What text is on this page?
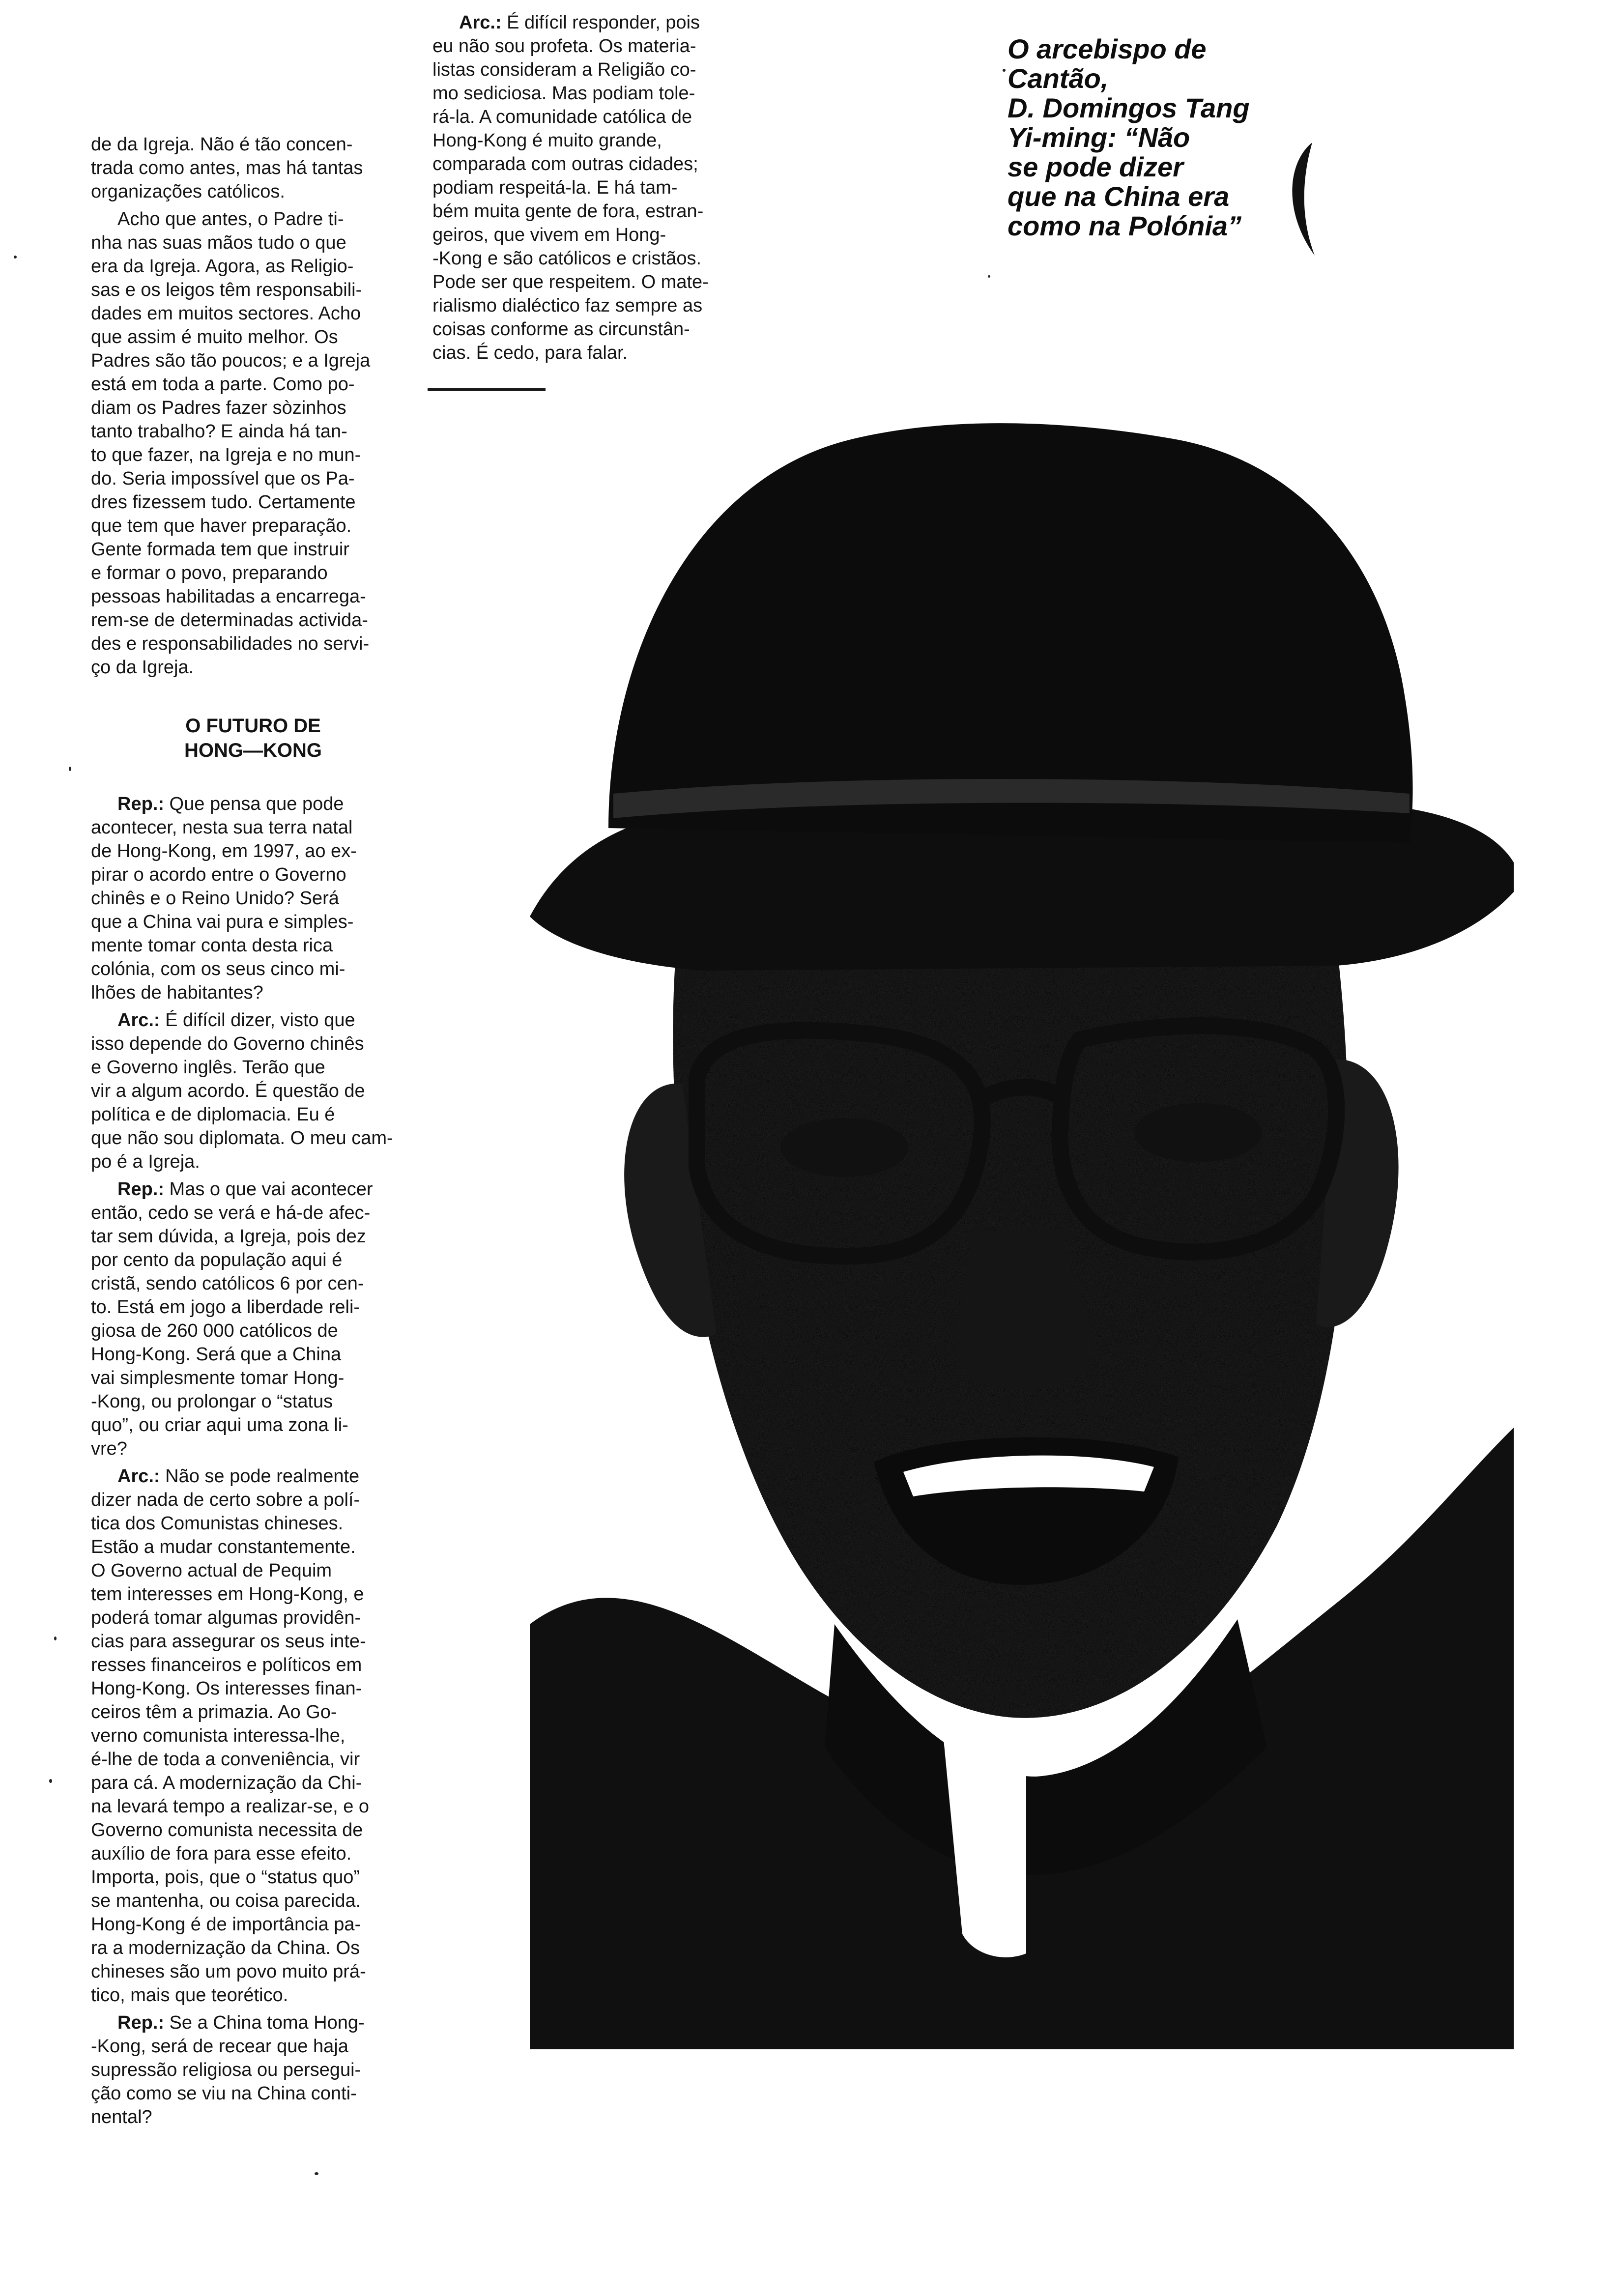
O arcebispo de
Cantão,
D. Domingos Tang
Yi-ming: “Não
se pode dizer
que na China era
como na Polónia”

Arc.: É difícil responder, pois
eu não sou profeta. Os materia-
listas consideram a Religião co-
mo sediciosa. Mas podiam tole-
rá-la. A comunidade católica de
Hong-Kong é muito grande,
comparada com outras cidades;
podiam respeitá-la. E há tam-
bém muita gente de fora, estran-
geiros, que vivem em Hong-
-Kong e são católicos e cristãos.
Pode ser que respeitem. O mate-
rialismo dialéctico faz sempre as
coisas conforme as circunstân-
cias. É cedo, para falar.

de da Igreja. Não é tão concen-
trada como antes, mas há tantas
organizações católicos.

Acho que antes, o Padre ti-
nha nas suas mãos tudo o que
era da Igreja. Agora, as Religio-
sas e os leigos têm responsabili-
dades em muitos sectores. Acho
que assim é muito melhor. Os
Padres são tão poucos; e a Igreja
está em toda a parte. Como po-
diam os Padres fazer sòzinhos
tanto trabalho? E ainda há tan-
to que fazer, na Igreja e no mun-
do. Seria impossível que os Pa-
dres fizessem tudo. Certamente
que tem que haver preparação.
Gente formada tem que instruir
e formar o povo, preparando
pessoas habilitadas a encarrega-
rem-se de determinadas activida-
des e responsabilidades no servi-
ço da Igreja.

O FUTURO DE
HONG—KONG

Rep.: Que pensa que pode
acontecer, nesta sua terra natal
de Hong-Kong, em 1997, ao ex-
pirar o acordo entre o Governo
chinês e o Reino Unido? Será
que a China vai pura e simples-
mente tomar conta desta rica
colónia, com os seus cinco mi-
lhões de habitantes?

Arc.: É difícil dizer, visto que
isso depende do Governo chinês
e Governo inglês. Terão que
vir a algum acordo. É questão de
política e de diplomacia. Eu é
que não sou diplomata. O meu cam-
po é a Igreja.

Rep.: Mas o que vai acontecer
então, cedo se verá e há-de afec-
tar sem dúvida, a Igreja, pois dez
por cento da população aqui é
cristã, sendo católicos 6 por cen-
to. Está em jogo a liberdade reli-
giosa de 260 000 católicos de
Hong-Kong. Será que a China
vai simplesmente tomar Hong-
-Kong, ou prolongar o “status
quo”, ou criar aqui uma zona li-
vre?

Arc.: Não se pode realmente
dizer nada de certo sobre a polí-
tica dos Comunistas chineses.
Estão a mudar constantemente.
O Governo actual de Pequim
tem interesses em Hong-Kong, e
poderá tomar algumas providên-
cias para assegurar os seus inte-
resses financeiros e políticos em
Hong-Kong. Os interesses finan-
ceiros têm a primazia. Ao Go-
verno comunista interessa-lhe,
é-lhe de toda a conveniência, vir
para cá. A modernização da Chi-
na levará tempo a realizar-se, e o
Governo comunista necessita de
auxílio de fora para esse efeito.
Importa, pois, que o “status quo”
se mantenha, ou coisa parecida.
Hong-Kong é de importância pa-
ra a modernização da China. Os
chineses são um povo muito prá-
tico, mais que teorético.

Rep.: Se a China toma Hong-
-Kong, será de recear que haja
supressão religiosa ou persegui-
ção como se viu na China conti-
nental?
